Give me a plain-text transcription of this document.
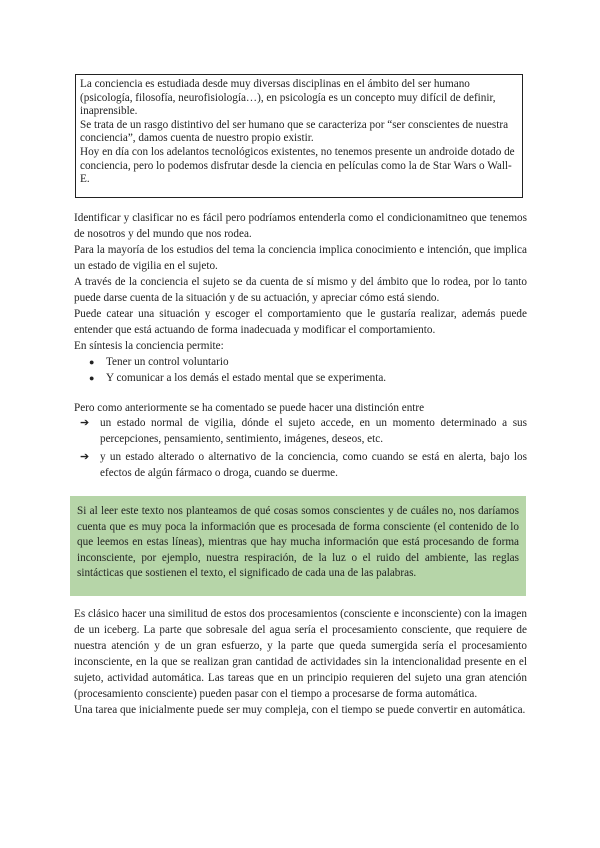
La conciencia es estudiada desde muy diversas disciplinas en el ámbito del ser humano (psicología, filosofía, neurofisiología…), en psicología es un concepto muy difícil de definir, inaprensible.

Se trata de un rasgo distintivo del ser humano que se caracteriza por “ser conscientes de nuestra conciencia”, damos cuenta de nuestro propio existir.

Hoy en día con los adelantos tecnológicos existentes, no tenemos presente un androide dotado de conciencia, pero lo podemos disfrutar desde la ciencia en películas como la de Star Wars o Wall-E.

Identificar y clasificar no es fácil pero podríamos entenderla como el condicionamitneo que tenemos de nosotros y del mundo que nos rodea.

Para la mayoría de los estudios del tema la conciencia implica conocimiento e intención, que implica un estado de vigilia en el sujeto.

A través de la conciencia el sujeto se da cuenta de sí mismo y del ámbito que lo rodea, por lo tanto puede darse cuenta de la situación y de su actuación, y apreciar cómo está siendo.

Puede catear una situación y escoger el comportamiento que le gustaría realizar, además puede entender que está actuando de forma inadecuada y modificar el comportamiento.

En síntesis la conciencia permite:

● Tener un control voluntario
● Y comunicar a los demás el estado mental que se experimenta.

Pero como anteriormente se ha comentado se puede hacer una distinción entre

➔ un estado normal de vigilia, dónde el sujeto accede, en un momento determinado a sus percepciones, pensamiento, sentimiento, imágenes, deseos, etc.
➔ y un estado alterado o alternativo de la conciencia, como cuando se está en alerta, bajo los efectos de algún fármaco o droga, cuando se duerme.

Si al leer este texto nos planteamos de qué cosas somos conscientes y de cuáles no, nos daríamos cuenta que es muy poca la información que es procesada de forma consciente (el contenido de lo que leemos en estas líneas), mientras que hay mucha información que está procesando de forma inconsciente, por ejemplo, nuestra respiración, de la luz o el ruido del ambiente, las reglas sintácticas que sostienen el texto, el significado de cada una de las palabras.

Es clásico hacer una similitud de estos dos procesamientos (consciente e inconsciente) con la imagen de un iceberg. La parte que sobresale del agua sería el procesamiento consciente, que requiere de nuestra atención y de un gran esfuerzo, y la parte que queda sumergida sería el procesamiento inconsciente, en la que se realizan gran cantidad de actividades sin la intencionalidad presente en el sujeto, actividad automática. Las tareas que en un principio requieren del sujeto una gran atención (procesamiento consciente) pueden pasar con el tiempo a procesarse de forma automática.

Una tarea que inicialmente puede ser muy compleja, con el tiempo se puede convertir en automática.
